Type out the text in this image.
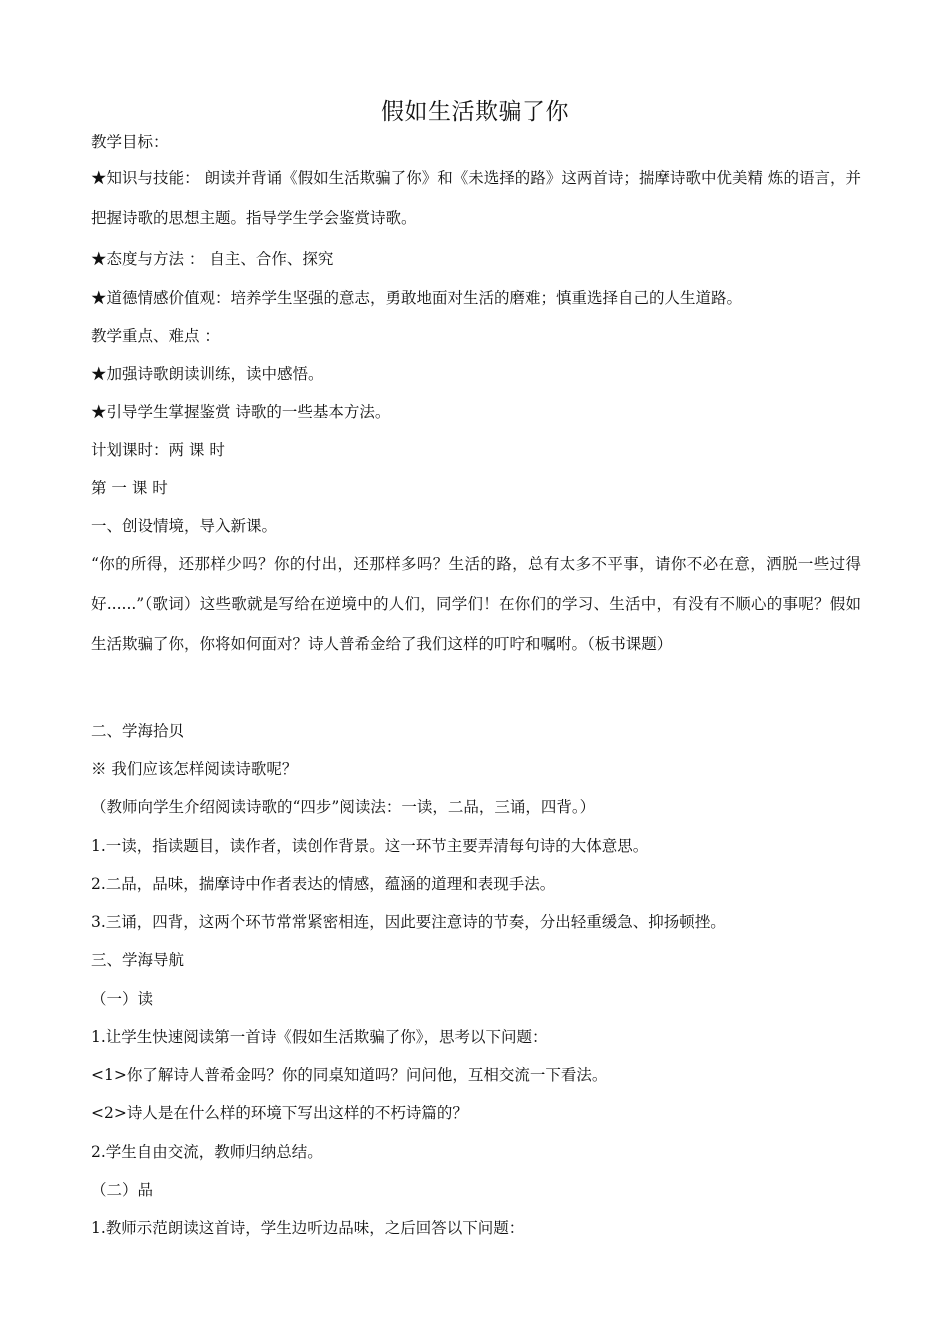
假如生活欺骗了你
教学目标：
★知识与技能： 朗读并背诵《假如生活欺骗了你》和《未选择的路》这两首诗；揣摩诗歌中优美精 炼的语言，并把握诗歌的思想主题。指导学生学会鉴赏诗歌。
★态度与方法 ： 自主、合作、探究
★道德情感价值观：培养学生坚强的意志，勇敢地面对生活的磨难；慎重选择自己的人生道路。
教学重点、难点 ：
★加强诗歌朗读训练，读中感悟。
★引导学生掌握鉴赏 诗歌的一些基本方法。
计划课时：两 课 时
第 一 课 时
一、创设情境，导入新课。
“你的所得，还那样少吗？你的付出，还那样多吗？生活的路，总有太多不平事，请你不必在意，洒脱一些过得好......”（歌词）这些歌就是写给在逆境中的人们，同学们！在你们的学习、生活中，有没有不顺心的事呢？假如生活欺骗了你，你将如何面对？诗人普希金给了我们这样的叮咛和嘱咐。（板书课题）
二、学海拾贝
※ 我们应该怎样阅读诗歌呢？
（教师向学生介绍阅读诗歌的“四步”阅读法：一读，二品，三诵，四背。）
1.一读，指读题目，读作者，读创作背景。这一环节主要弄清每句诗的大体意思。
2.二品，品味，揣摩诗中作者表达的情感，蕴涵的道理和表现手法。
3.三诵，四背，这两个环节常常紧密相连，因此要注意诗的节奏，分出轻重缓急、抑扬顿挫。
三、学海导航
（一）读
1.让学生快速阅读第一首诗《假如生活欺骗了你》，思考以下问题：
<1>你了解诗人普希金吗？你的同桌知道吗？问问他，互相交流一下看法。
<2>诗人是在什么样的环境下写出这样的不朽诗篇的？
2.学生自由交流，教师归纳总结。
（二）品
1.教师示范朗读这首诗，学生边听边品味，之后回答以下问题：
